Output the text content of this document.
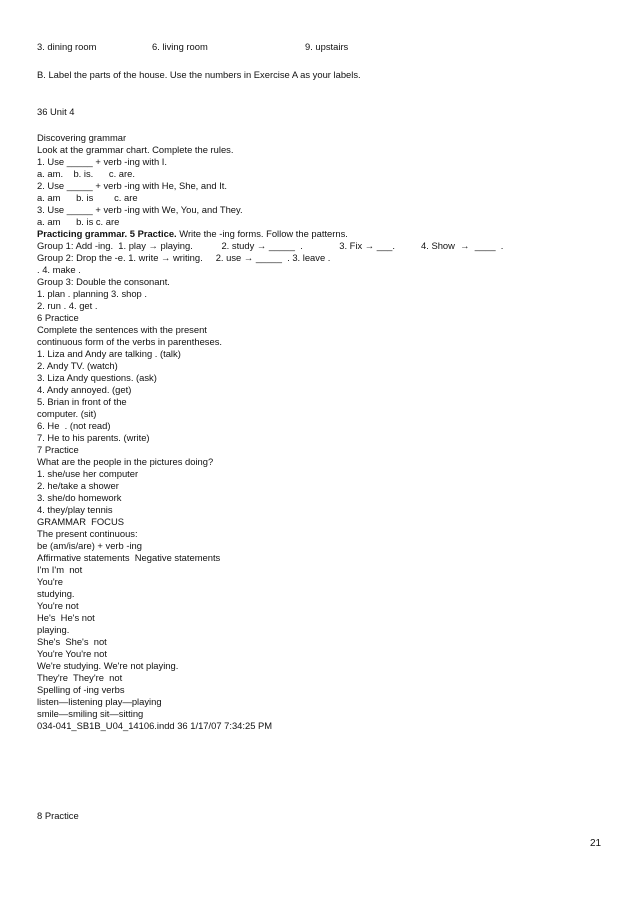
3. dining room	6. living room	9. upstairs
B. Label the parts of the house. Use the numbers in Exercise A as your labels.
36 Unit 4
Discovering grammar
Look at the grammar chart. Complete the rules.
1. Use _____ + verb -ing with I.
a. am.    b. is.      c. are.
2. Use _____ + verb -ing with He, She, and It.
a. am      b. is        c. are
3. Use _____ + verb -ing with We, You, and They.
a. am      b. is c. are
Practicing grammar. 5 Practice. Write the -ing forms. Follow the patterns.
Group 1: Add -ing.  1. play → playing.           2. study → _____  .              3. Fix → ___.          4. Show  →  ____  .
Group 2: Drop the -e. 1. write → writing.     2. use → _____  . 3. leave .
. 4. make .
Group 3: Double the consonant.
1. plan . planning 3. shop .
2. run . 4. get .
6 Practice
Complete the sentences with the present
continuous form of the verbs in parentheses.
1. Liza and Andy are talking . (talk)
2. Andy TV. (watch)
3. Liza Andy questions. (ask)
4. Andy annoyed. (get)
5. Brian in front of the
computer. (sit)
6. He  . (not read)
7. He to his parents. (write)
7 Practice
What are the people in the pictures doing?
1. she/use her computer
2. he/take a shower
3. she/do homework
4. they/play tennis
GRAMMAR  FOCUS
The present continuous:
be (am/is/are) + verb -ing
Affirmative statements  Negative statements
I'm I'm  not
You're
studying.
You're not
He's  He's not
playing.
She's  She's  not
You're You're not
We're studying. We're not playing.
They're  They're  not
Spelling of -ing verbs
listen—listening play—playing
smile—smiling sit—sitting
034-041_SB1B_U04_14106.indd 36 1/17/07 7:34:25 PM
8 Practice
21
